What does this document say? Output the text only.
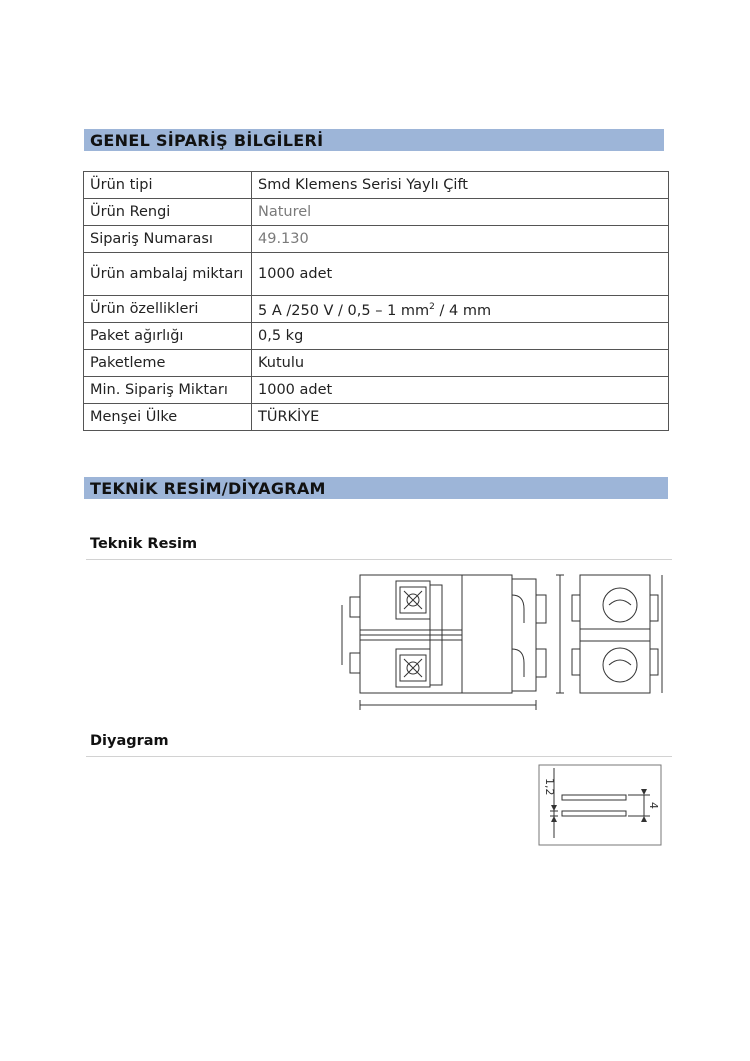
GENEL SİPARİŞ BİLGİLERİ
Ürün tipi	Smd Klemens Serisi Yaylı Çift
Ürün Rengi	Naturel
Sipariş Numarası	49.130
Ürün ambalaj miktarı	1000 adet
Ürün özellikleri	5 A /250 V / 0,5 – 1 $mm^2 / 4$ mm
Paket ağırlığı	0,5 kg
Paketleme	Kutulu
Min. Sipariş Miktarı	1000 adet
Menşei Ülke	TÜRKİYE
TEKNİK RESİM/DİYAGRAM
Teknik Resim
Diyagram
1,2
4
